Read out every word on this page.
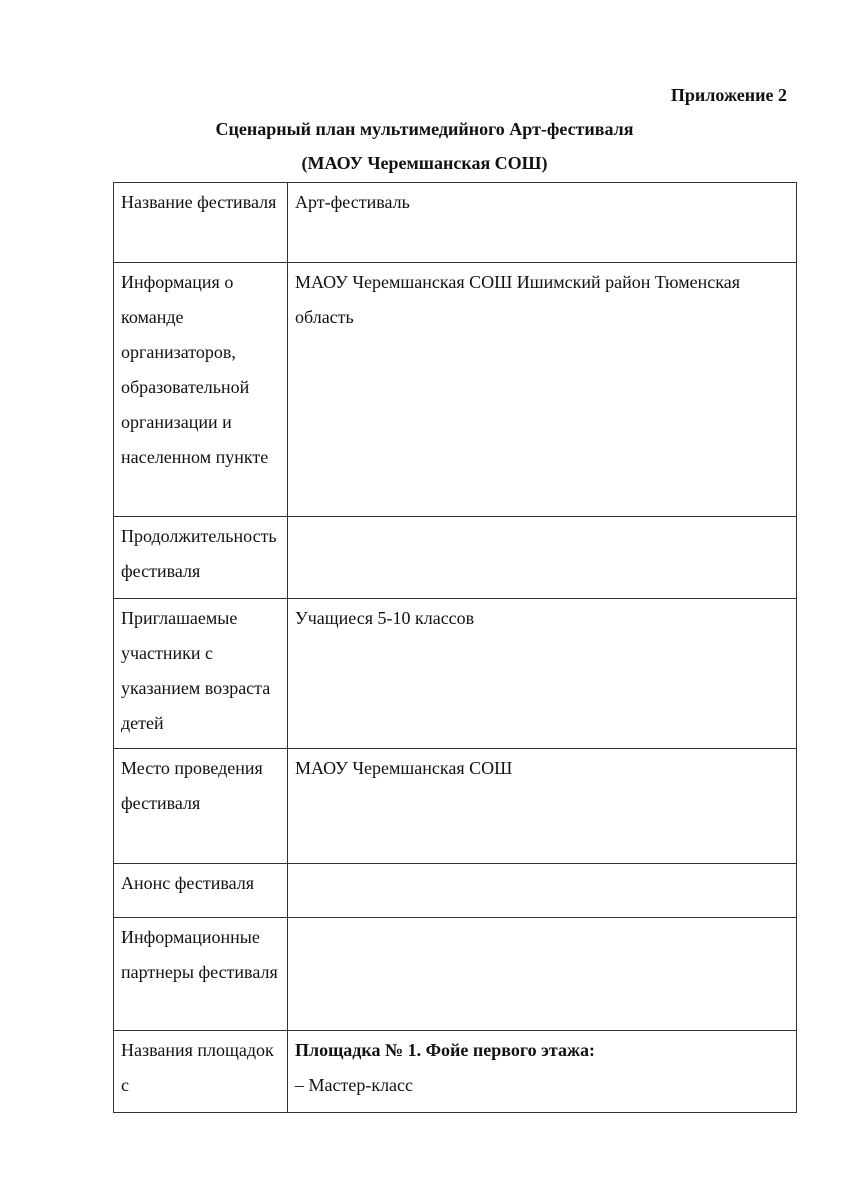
Приложение 2
Сценарный план мультимедийного Арт-фестиваля
(МАОУ Черемшанская СОШ)
Название фестиваля	Арт-фестиваль
Информация о команде организаторов, образовательной организации и населенном пункте	МАОУ Черемшанская СОШ Ишимский район Тюменская область
Продолжительность фестиваля	
Приглашаемые участники с указанием возраста детей	Учащиеся 5-10 классов
Место проведения фестиваля	МАОУ Черемшанская СОШ
Анонс фестиваля	
Информационные партнеры фестиваля	
Названия площадок с	Площадка № 1. Фойе первого этажа:
– Мастер-класс
